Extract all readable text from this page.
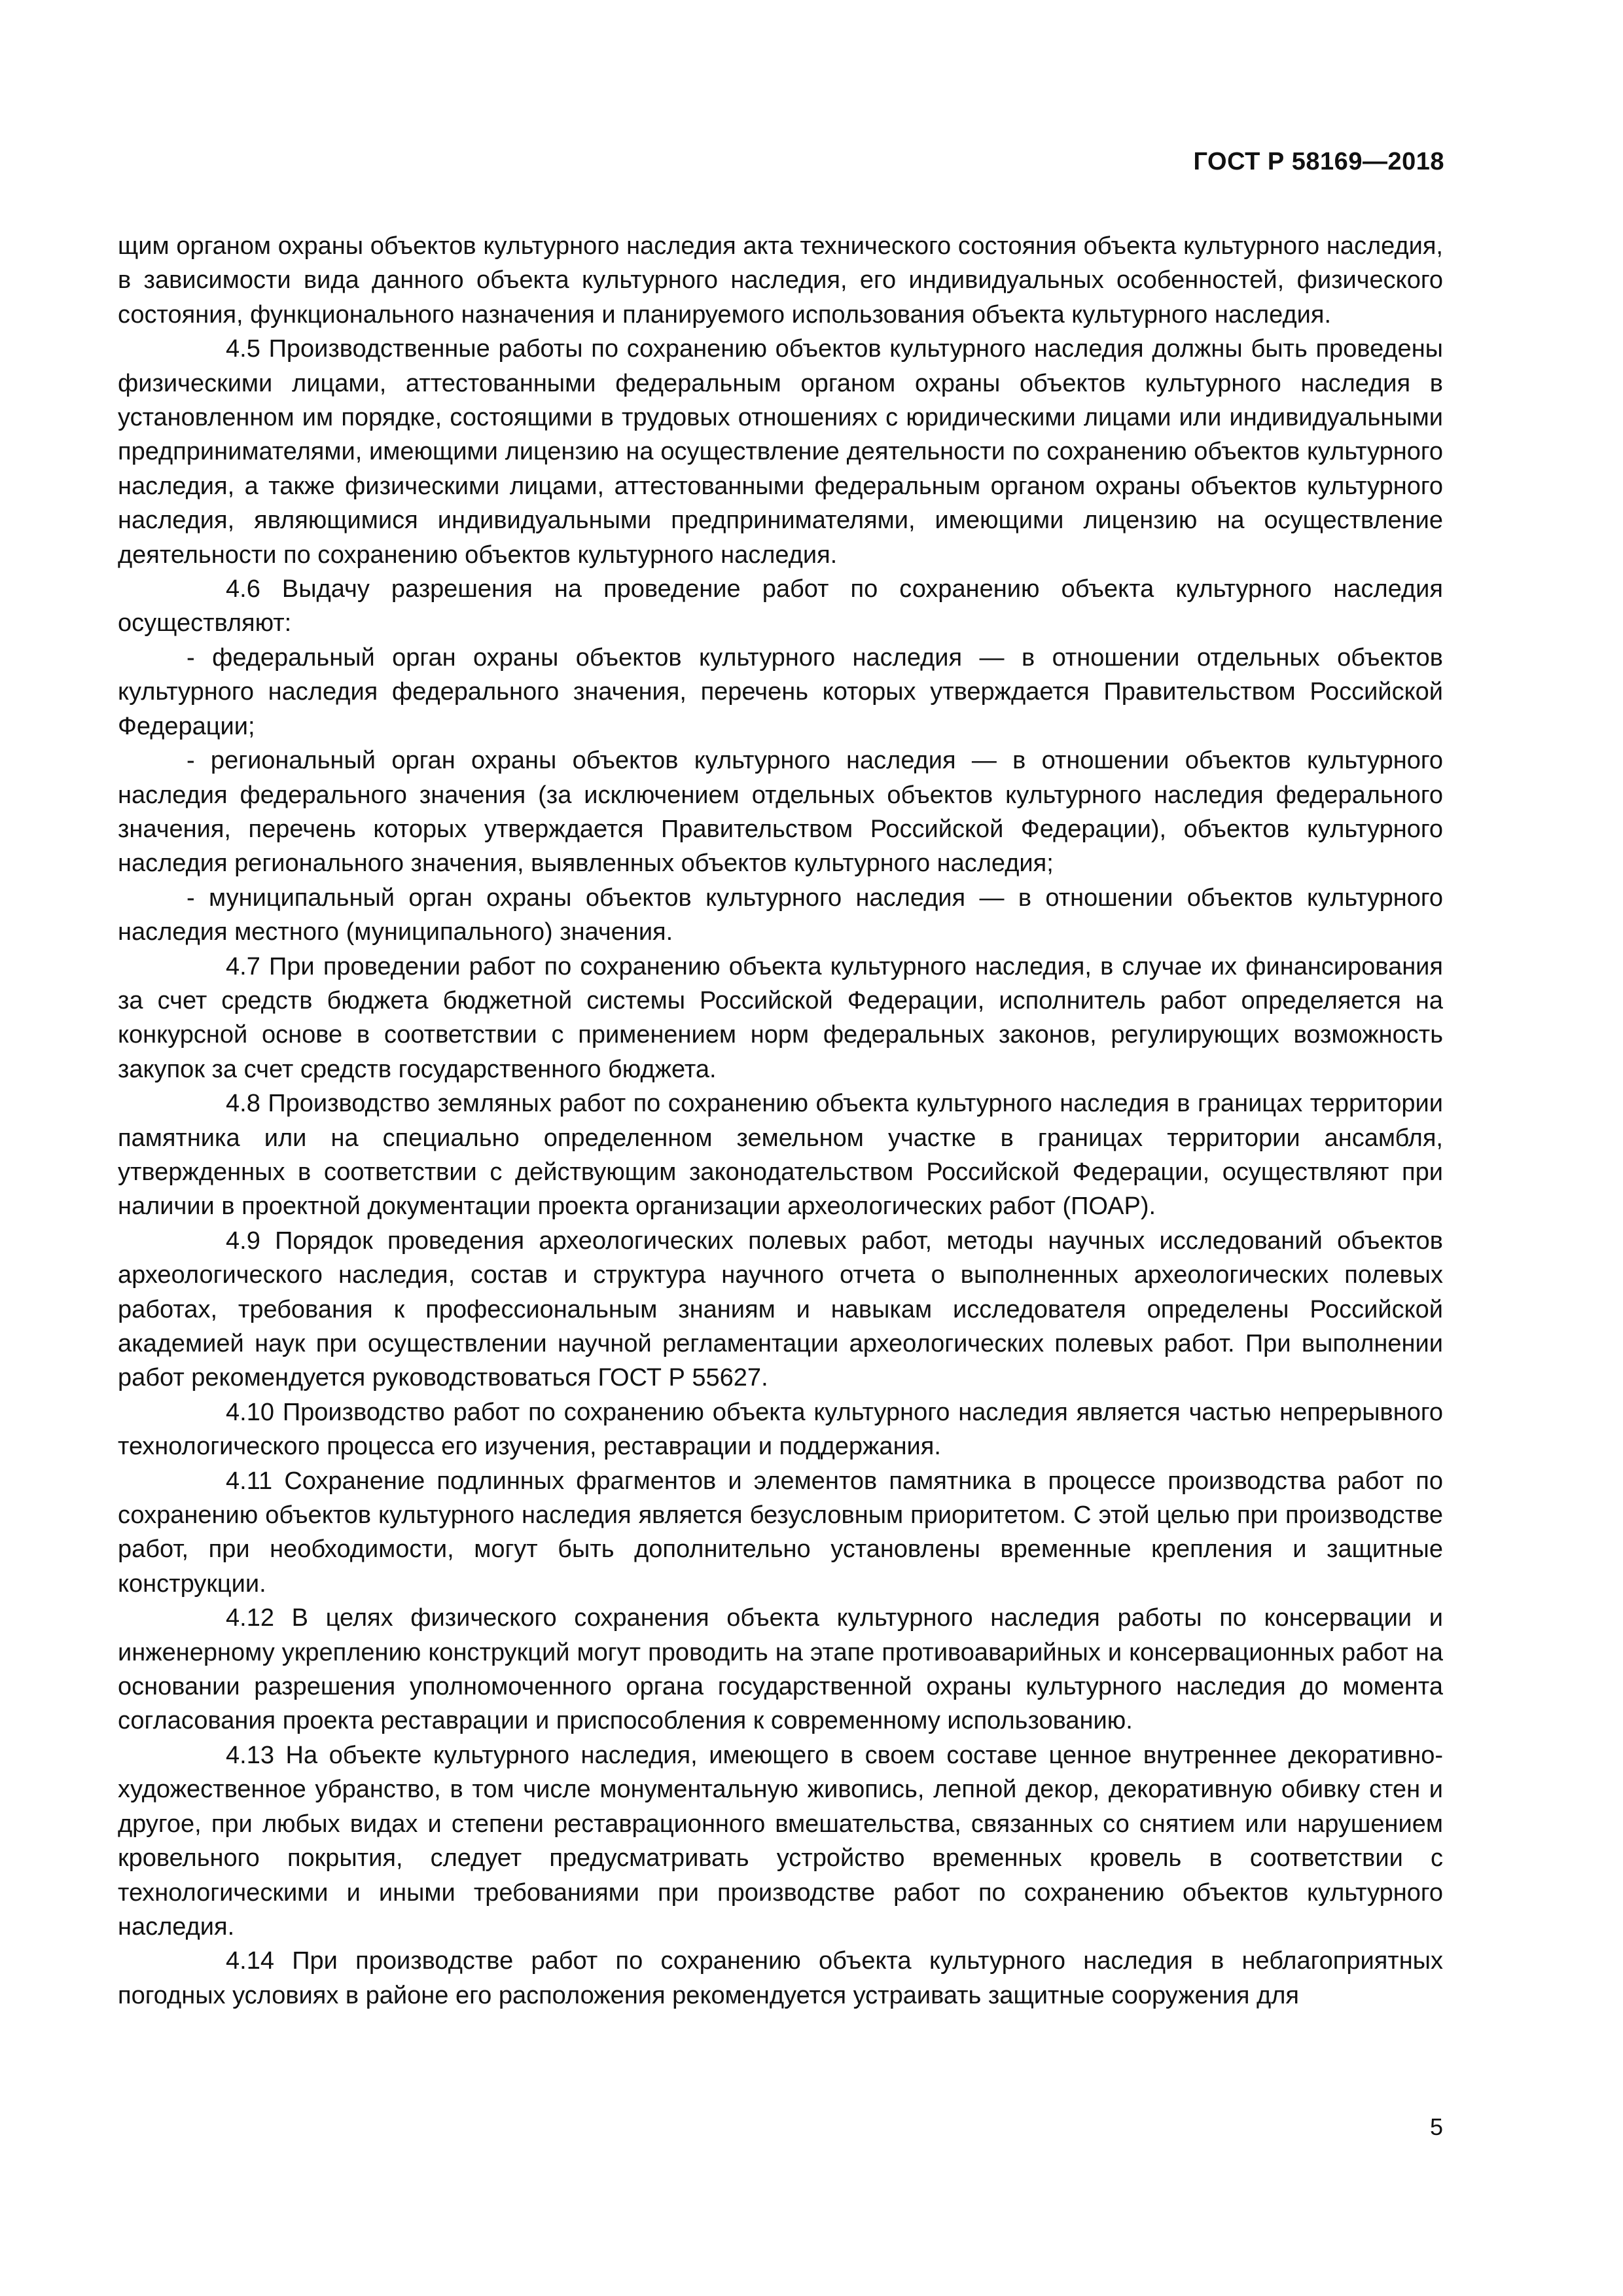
ГОСТ Р 58169—2018

щим органом охраны объектов культурного наследия акта технического состояния объекта культурного наследия, в зависимости вида данного объекта культурного наследия, его индивидуальных особенностей, физического состояния, функционального назначения и планируемого использования объекта культурного наследия.

4.5 Производственные работы по сохранению объектов культурного наследия должны быть проведены физическими лицами, аттестованными федеральным органом охраны объектов культурного наследия в установленном им порядке, состоящими в трудовых отношениях с юридическими лицами или индивидуальными предпринимателями, имеющими лицензию на осуществление деятельности по сохранению объектов культурного наследия, а также физическими лицами, аттестованными федеральным органом охраны объектов культурного наследия, являющимися индивидуальными предпринимателями, имеющими лицензию на осуществление деятельности по сохранению объектов культурного наследия.

4.6 Выдачу разрешения на проведение работ по сохранению объекта культурного наследия осуществляют:

- федеральный орган охраны объектов культурного наследия — в отношении отдельных объектов культурного наследия федерального значения, перечень которых утверждается Правительством Российской Федерации;

- региональный орган охраны объектов культурного наследия — в отношении объектов культурного наследия федерального значения (за исключением отдельных объектов культурного наследия федерального значения, перечень которых утверждается Правительством Российской Федерации), объектов культурного наследия регионального значения, выявленных объектов культурного наследия;

- муниципальный орган охраны объектов культурного наследия — в отношении объектов культурного наследия местного (муниципального) значения.

4.7 При проведении работ по сохранению объекта культурного наследия, в случае их финансирования за счет средств бюджета бюджетной системы Российской Федерации, исполнитель работ определяется на конкурсной основе в соответствии с применением норм федеральных законов, регулирующих возможность закупок за счет средств государственного бюджета.

4.8 Производство земляных работ по сохранению объекта культурного наследия в границах территории памятника или на специально определенном земельном участке в границах территории ансамбля, утвержденных в соответствии с действующим законодательством Российской Федерации, осуществляют при наличии в проектной документации проекта организации археологических работ (ПОАР).

4.9 Порядок проведения археологических полевых работ, методы научных исследований объектов археологического наследия, состав и структура научного отчета о выполненных археологических полевых работах, требования к профессиональным знаниям и навыкам исследователя определены Российской академией наук при осуществлении научной регламентации археологических полевых работ. При выполнении работ рекомендуется руководствоваться ГОСТ Р 55627.

4.10 Производство работ по сохранению объекта культурного наследия является частью непрерывного технологического процесса его изучения, реставрации и поддержания.

4.11 Сохранение подлинных фрагментов и элементов памятника в процессе производства работ по сохранению объектов культурного наследия является безусловным приоритетом. С этой целью при производстве работ, при необходимости, могут быть дополнительно установлены временные крепления и защитные конструкции.

4.12 В целях физического сохранения объекта культурного наследия работы по консервации и инженерному укреплению конструкций могут проводить на этапе противоаварийных и консервационных работ на основании разрешения уполномоченного органа государственной охраны культурного наследия до момента согласования проекта реставрации и приспособления к современному использованию.

4.13 На объекте культурного наследия, имеющего в своем составе ценное внутреннее декоративно-художественное убранство, в том числе монументальную живопись, лепной декор, декоративную обивку стен и другое, при любых видах и степени реставрационного вмешательства, связанных со снятием или нарушением кровельного покрытия, следует предусматривать устройство временных кровель в соответствии с технологическими и иными требованиями при производстве работ по сохранению объектов культурного наследия.

4.14 При производстве работ по сохранению объекта культурного наследия в неблагоприятных погодных условиях в районе его расположения рекомендуется устраивать защитные сооружения для

5
